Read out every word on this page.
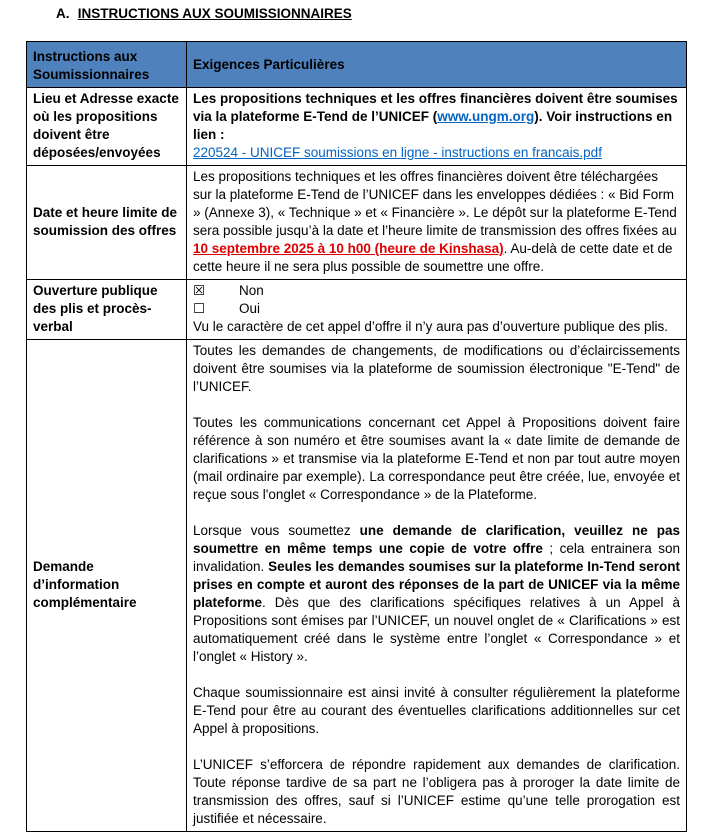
A. INSTRUCTIONS AUX SOUMISSIONNAIRES
Instructions aux Soumissionnaires	Exigences Particulières
Lieu et Adresse exacte où les propositions doivent être déposées/envoyées	Les propositions techniques et les offres financières doivent être soumises via la plateforme E-Tend de l’UNICEF (www.ungm.org). Voir instructions en lien :
220524 - UNICEF soumissions en ligne - instructions en francais.pdf
Date et heure limite de soumission des offres	Les propositions techniques et les offres financières doivent être téléchargées sur la plateforme E-Tend de l’UNICEF dans les enveloppes dédiées : « Bid Form » (Annexe 3), « Technique » et « Financière ». Le dépôt sur la plateforme E-Tend sera possible jusqu’à la date et l’heure limite de transmission des offres fixées au 10 septembre 2025 à 10 h00 (heure de Kinshasa). Au-delà de cette date et de cette heure il ne sera plus possible de soumettre une offre.
Ouverture publique des plis et procès-verbal	☒ Non
☐ Oui
Vu le caractère de cet appel d’offre il n’y aura pas d’ouverture publique des plis.

Demande d’information complémentaire	Toutes les demandes de changements, de modifications ou d’éclaircissements doivent être soumises via la plateforme de soumission électronique "E-Tend" de l’UNICEF.

Toutes les communications concernant cet Appel à Propositions doivent faire référence à son numéro et être soumises avant la « date limite de demande de clarifications » et transmise via la plateforme E-Tend et non par tout autre moyen (mail ordinaire par exemple). La correspondance peut être créée, lue, envoyée et reçue sous l'onglet « Correspondance » de la Plateforme.

Lorsque vous soumettez une demande de clarification, veuillez ne pas soumettre en même temps une copie de votre offre ; cela entrainera son invalidation. Seules les demandes soumises sur la plateforme In-Tend seront prises en compte et auront des réponses de la part de UNICEF via la même plateforme. Dès que des clarifications spécifiques relatives à un Appel à Propositions sont émises par l’UNICEF, un nouvel onglet de « Clarifications » est automatiquement créé dans le système entre l’onglet « Correspondance » et l’onglet « History ».

Chaque soumissionnaire est ainsi invité à consulter régulièrement la plateforme E-Tend pour être au courant des éventuelles clarifications additionnelles sur cet Appel à propositions.

L’UNICEF s’efforcera de répondre rapidement aux demandes de clarification. Toute réponse tardive de sa part ne l’obligera pas à proroger la date limite de transmission des offres, sauf si l’UNICEF estime qu’une telle prorogation est justifiée et nécessaire.
